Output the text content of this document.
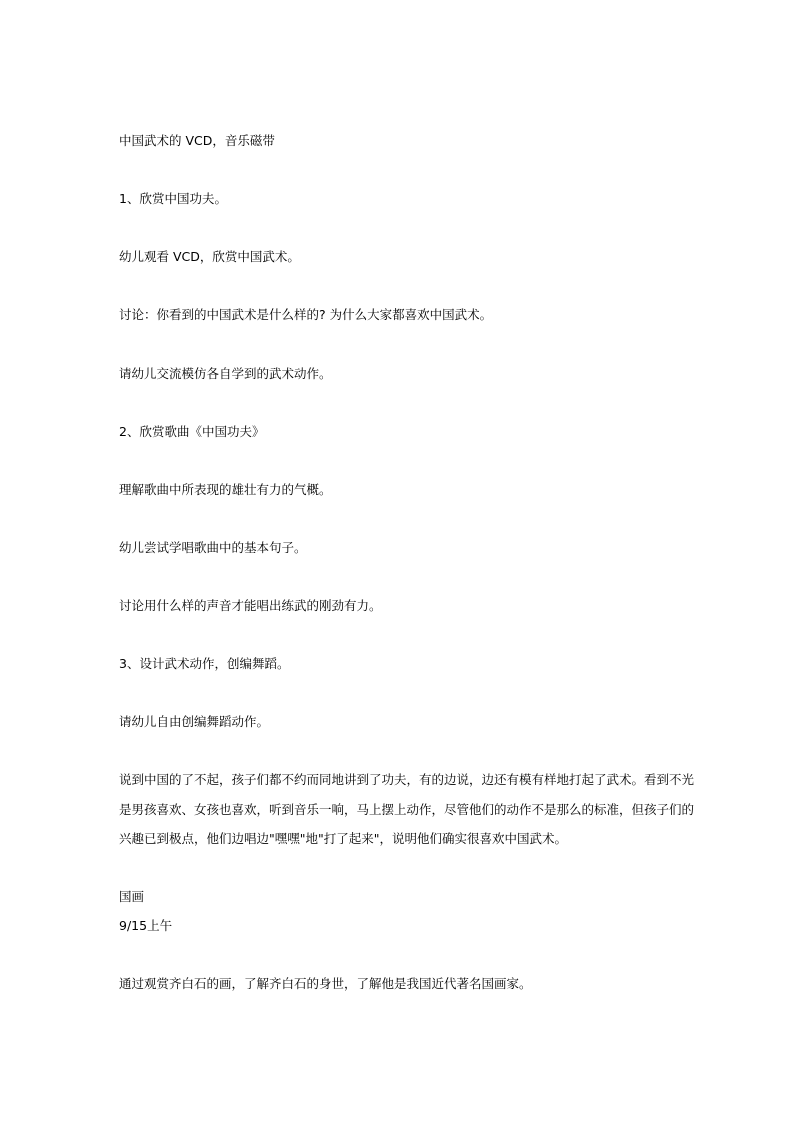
中国武术的 VCD，音乐磁带
1、欣赏中国功夫。
幼儿观看 VCD，欣赏中国武术。
讨论：你看到的中国武术是什么样的? 为什么大家都喜欢中国武术。
请幼儿交流模仿各自学到的武术动作。
2、欣赏歌曲《中国功夫》
理解歌曲中所表现的雄壮有力的气概。
幼儿尝试学唱歌曲中的基本句子。
讨论用什么样的声音才能唱出练武的刚劲有力。
3、设计武术动作，创编舞蹈。
请幼儿自由创编舞蹈动作。
说到中国的了不起，孩子们都不约而同地讲到了功夫，有的边说，边还有模有样地打起了武术。看到不光
是男孩喜欢、女孩也喜欢，听到音乐一响，马上摆上动作，尽管他们的动作不是那么的标准，但孩子们的
兴趣已到极点，他们边唱边"嘿嘿"地"打了起来"，说明他们确实很喜欢中国武术。
国画
9/15上午
通过观赏齐白石的画，了解齐白石的身世，了解他是我国近代著名国画家。
